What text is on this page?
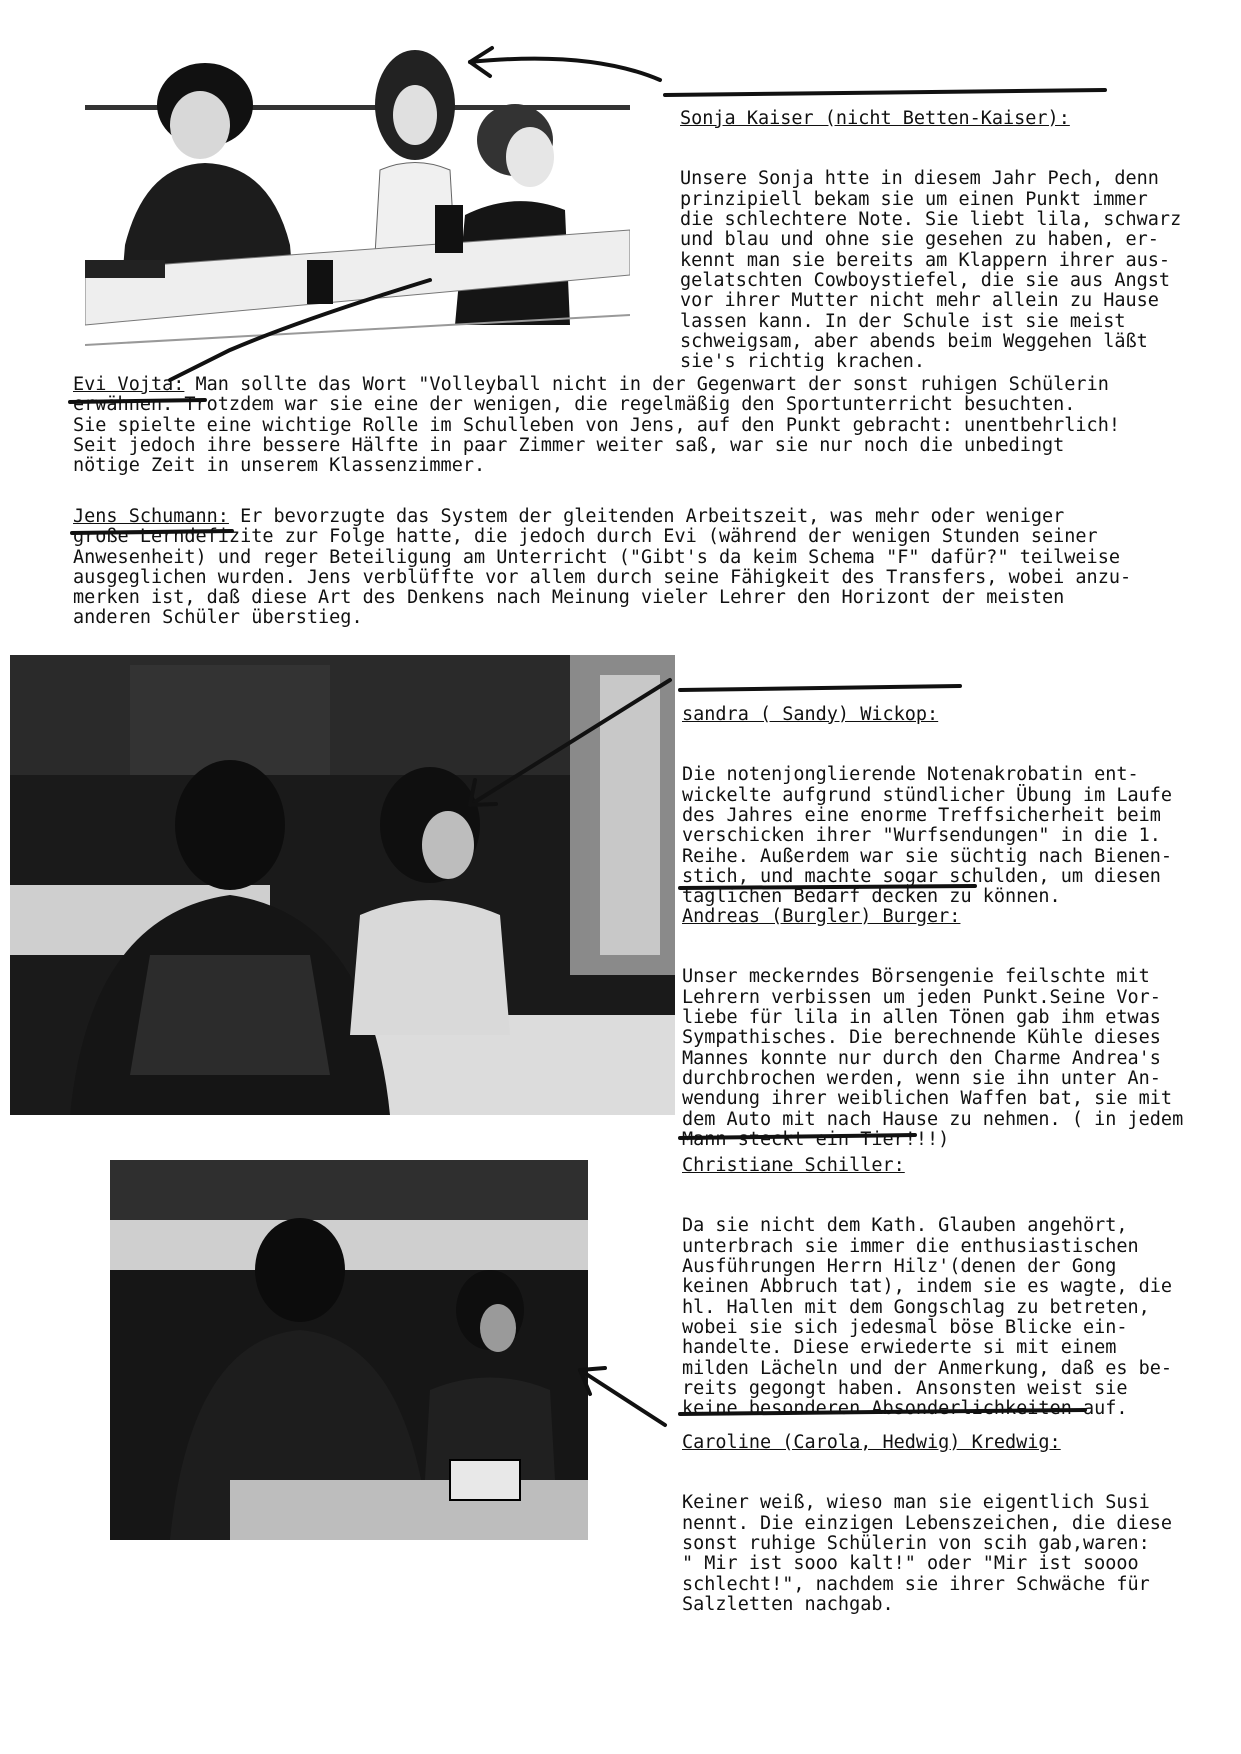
Sonja Kaiser (nicht Betten-Kaiser):

Unsere Sonja htte in diesem Jahr Pech, denn
prinzipiell bekam sie um einen Punkt immer
die schlechtere Note. Sie liebt lila, schwarz
und blau und ohne sie gesehen zu haben, er-
kennt man sie bereits am Klappern ihrer aus-
gelatschten Cowboystiefel, die sie aus Angst
vor ihrer Mutter nicht mehr allein zu Hause
lassen kann. In der Schule ist sie meist
schweigsam, aber abends beim Weggehen läßt
sie's richtig krachen.

Evi Vojta: Man sollte das Wort "Volleyball nicht in der Gegenwart der sonst ruhigen Schülerin
erwähnen. Trotzdem war sie eine der wenigen, die regelmäßig den Sportunterricht besuchten.
Sie spielte eine wichtige Rolle im Schulleben von Jens, auf den Punkt gebracht: unentbehrlich!
Seit jedoch ihre bessere Hälfte in paar Zimmer weiter saß, war sie nur noch die unbedingt
nötige Zeit in unserem Klassenzimmer.
Jens Schumann: Er bevorzugte das System der gleitenden Arbeitszeit, was mehr oder weniger
große Lerndefizite zur Folge hatte, die jedoch durch Evi (während der wenigen Stunden seiner
Anwesenheit) und reger Beteiligung am Unterricht ("Gibt's da keim Schema "F" dafür?" teilweise
ausgeglichen wurden. Jens verblüffte vor allem durch seine Fähigkeit des Transfers, wobei anzu-
merken ist, daß diese Art des Denkens nach Meinung vieler Lehrer den Horizont der meisten
anderen Schüler überstieg.

sandra ( Sandy) Wickop:

Die notenjonglierende Notenakrobatin ent-
wickelte aufgrund stündlicher Übung im Laufe
des Jahres eine enorme Treffsicherheit beim
verschicken ihrer "Wurfsendungen" in die 1.
Reihe. Außerdem war sie süchtig nach Bienen-
stich, und machte sogar schulden, um diesen
täglichen Bedarf decken zu können.

Andreas (Burgler) Burger:

Unser meckerndes Börsengenie feilschte mit
Lehrern verbissen um jeden Punkt.Seine Vor-
liebe für lila in allen Tönen gab ihm etwas
Sympathisches. Die berechnende Kühle dieses
Mannes konnte nur durch den Charme Andrea's
durchbrochen werden, wenn sie ihn unter An-
wendung ihrer weiblichen Waffen bat, sie mit
dem Auto mit nach Hause zu nehmen. ( in jedem
Mann steckt ein Tier!!!)

Christiane Schiller:

Da sie nicht dem Kath. Glauben angehört,
unterbrach sie immer die enthusiastischen
Ausführungen Herrn Hilz'(denen der Gong
keinen Abbruch tat), indem sie es wagte, die
hl. Hallen mit dem Gongschlag zu betreten,
wobei sie sich jedesmal böse Blicke ein-
handelte. Diese erwiederte si mit einem
milden Lächeln und der Anmerkung, daß es be-
reits gegongt haben. Ansonsten weist sie
keine besonderen Absonderlichkeiten auf.

Caroline (Carola, Hedwig) Kredwig:

Keiner weiß, wieso man sie eigentlich Susi
nennt. Die einzigen Lebenszeichen, die diese
sonst ruhige Schülerin von scih gab,waren:
" Mir ist sooo kalt!" oder "Mir ist soooo
schlecht!", nachdem sie ihrer Schwäche für
Salzletten nachgab.
